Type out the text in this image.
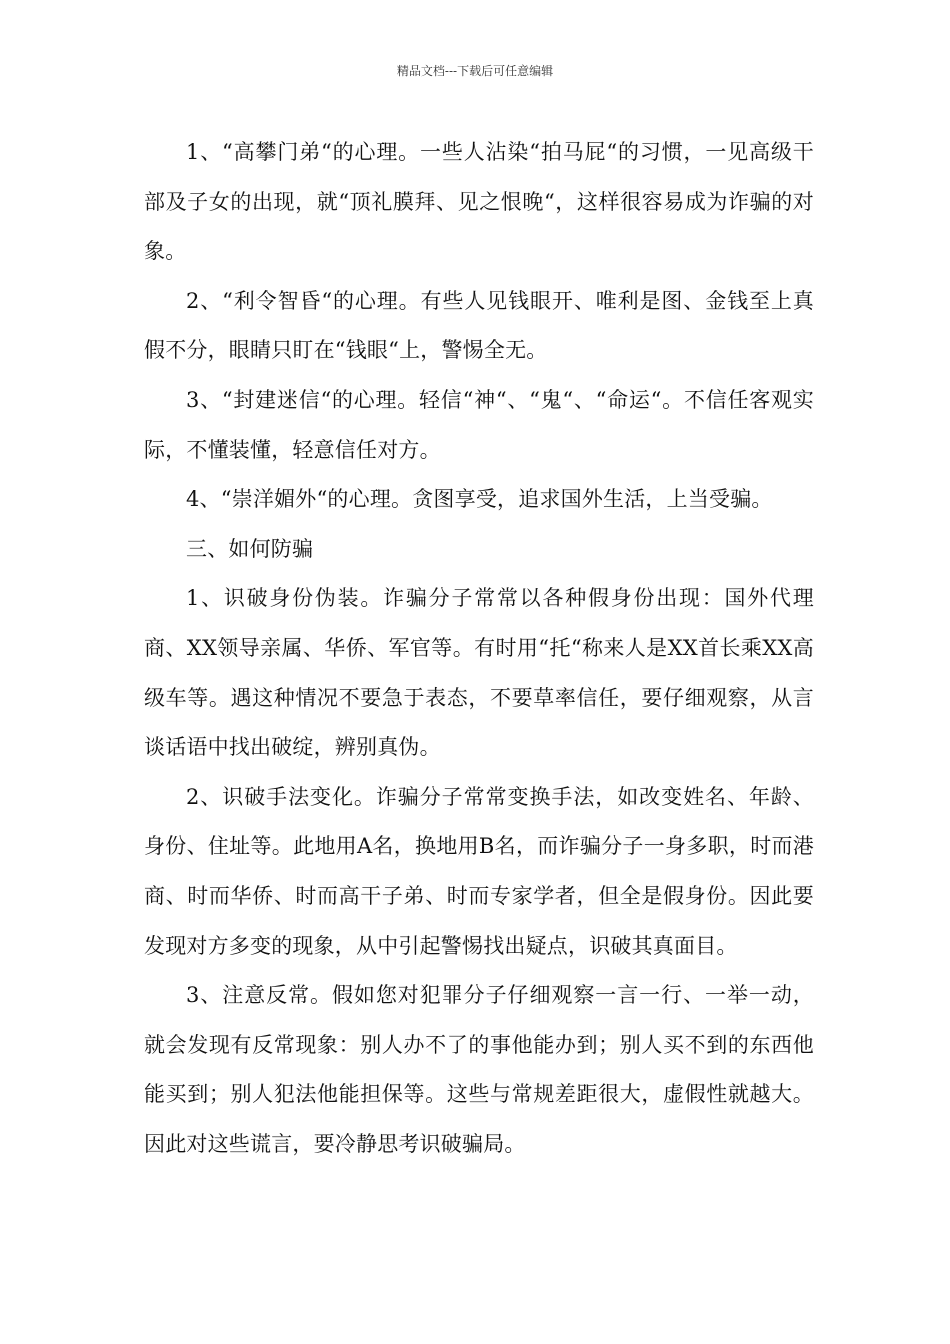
精品文档---下载后可任意编辑

1、“高攀门弟“的心理。一些人沾染“拍马屁“的习惯，一见高级干部及子女的出现，就“顶礼膜拜、见之恨晚“，这样很容易成为诈骗的对象。

2、“利令智昏“的心理。有些人见钱眼开、唯利是图、金钱至上真假不分，眼睛只盯在“钱眼“上，警惕全无。

3、“封建迷信“的心理。轻信“神“、“鬼“、“命运“。不信任客观实际，不懂装懂，轻意信任对方。

4、“崇洋媚外“的心理。贪图享受，追求国外生活，上当受骗。

三、如何防骗

1、识破身份伪装。诈骗分子常常以各种假身份出现：国外代理商、XX领导亲属、华侨、军官等。有时用“托“称来人是XX首长乘XX高级车等。遇这种情况不要急于表态，不要草率信任，要仔细观察，从言谈话语中找出破绽，辨别真伪。

2、识破手法变化。诈骗分子常常变换手法，如改变姓名、年龄、身份、住址等。此地用A名，换地用B名，而诈骗分子一身多职，时而港商、时而华侨、时而高干子弟、时而专家学者，但全是假身份。因此要发现对方多变的现象，从中引起警惕找出疑点，识破其真面目。

3、注意反常。假如您对犯罪分子仔细观察一言一行、一举一动，就会发现有反常现象：别人办不了的事他能办到；别人买不到的东西他能买到；别人犯法他能担保等。这些与常规差距很大，虚假性就越大。因此对这些谎言，要冷静思考识破骗局。
